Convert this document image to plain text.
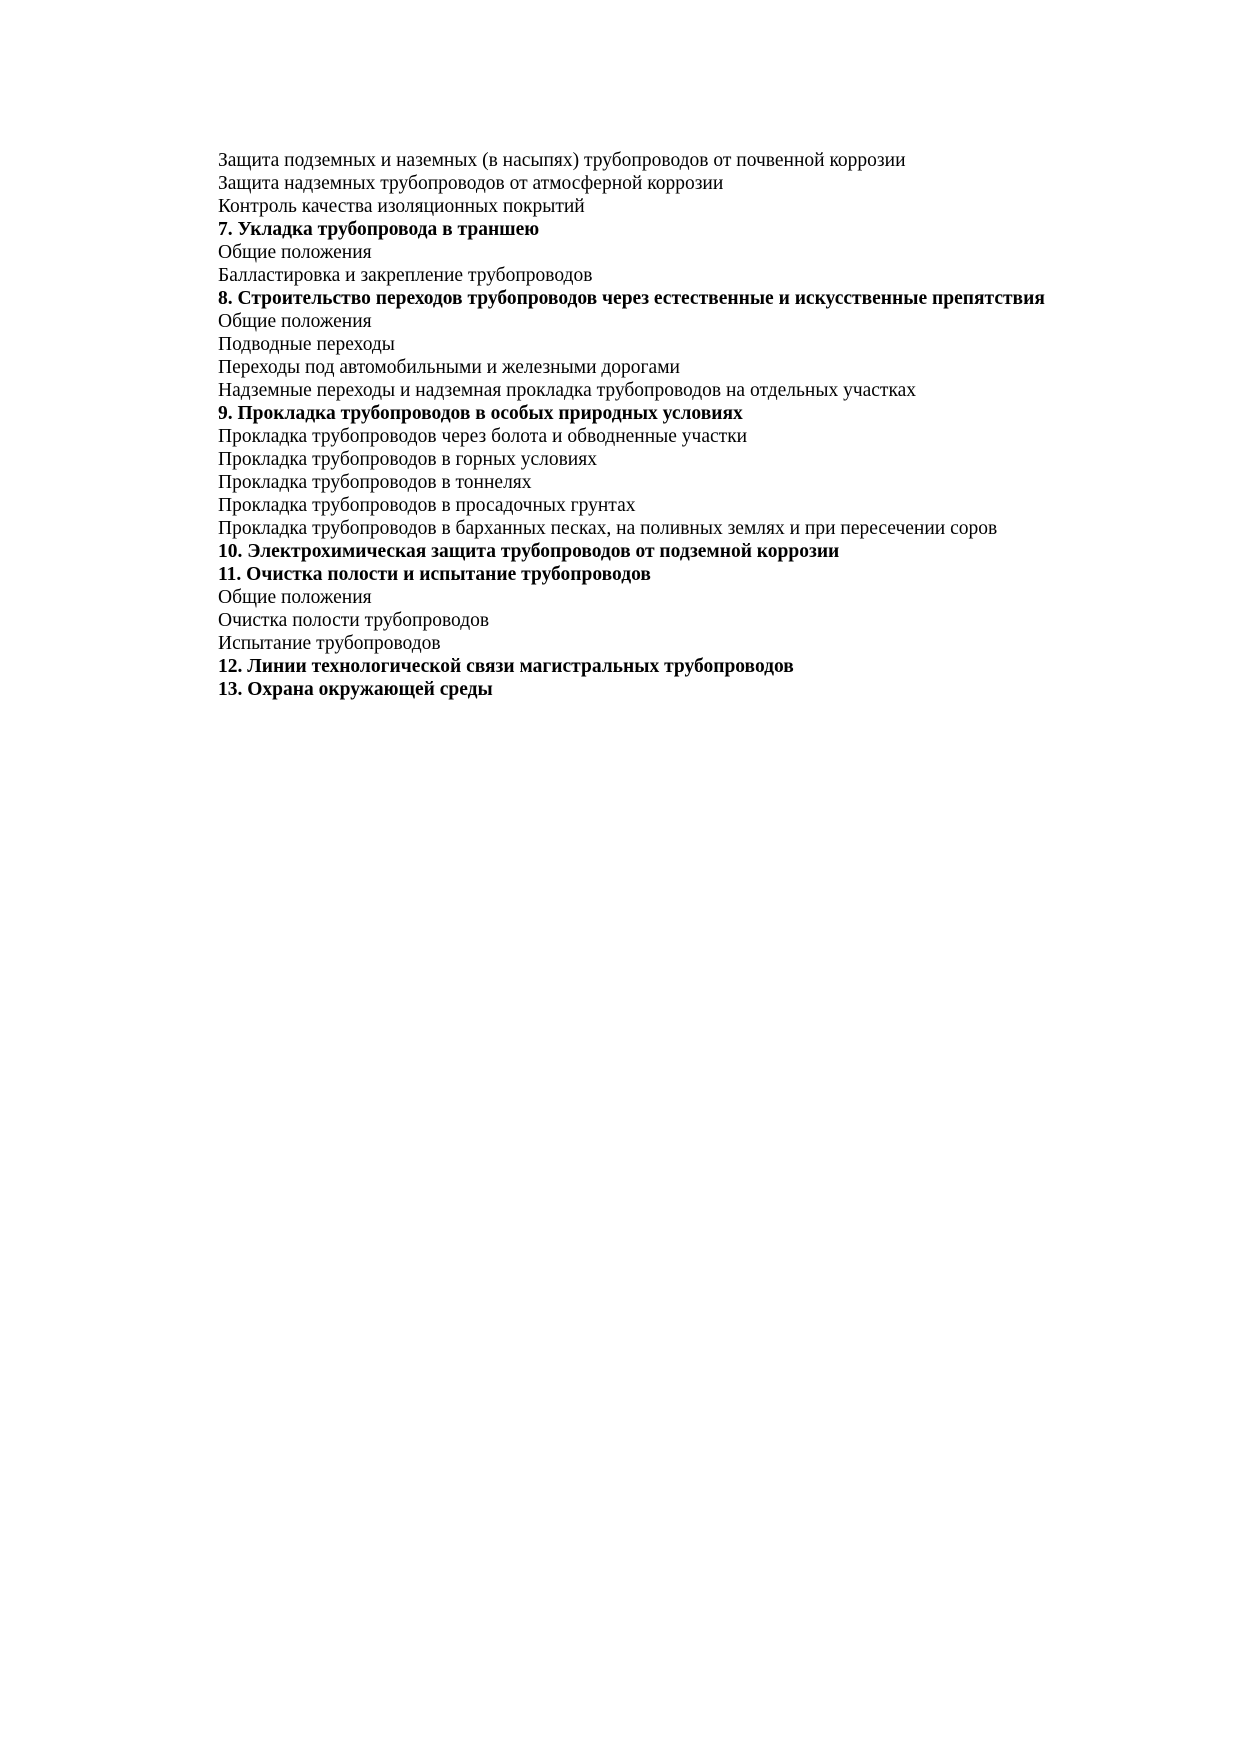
Защита подземных и наземных (в насыпях) трубопроводов от почвенной коррозии

Защита надземных трубопроводов от атмосферной коррозии

Контроль качества изоляционных покрытий

7. Укладка трубопровода в траншею

Общие положения

Балластировка и закрепление трубопроводов

8. Строительство переходов трубопроводов через естественные и искусственные препятствия

Общие положения

Подводные переходы

Переходы под автомобильными и железными дорогами

Надземные переходы и надземная прокладка трубопроводов на отдельных участках

9. Прокладка трубопроводов в особых природных условиях

Прокладка трубопроводов через болота и обводненные участки

Прокладка трубопроводов в горных условиях

Прокладка трубопроводов в тоннелях

Прокладка трубопроводов в просадочных грунтах

Прокладка трубопроводов в барханных песках, на поливных землях и при пересечении соров

10. Электрохимическая защита трубопроводов от подземной коррозии

11. Очистка полости и испытание трубопроводов

Общие положения

Очистка полости трубопроводов

Испытание трубопроводов

12. Линии технологической связи магистральных трубопроводов

13. Охрана окружающей среды
